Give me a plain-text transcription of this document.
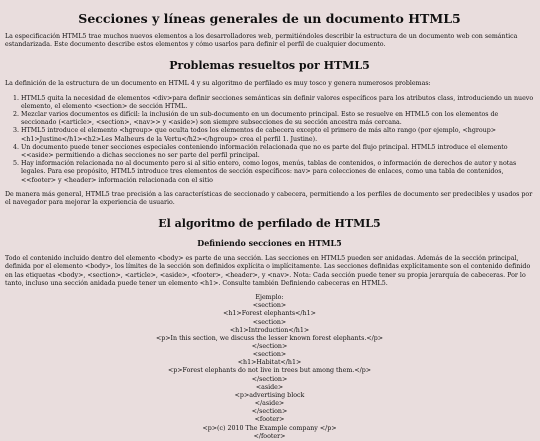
Secciones y líneas generales de un documento HTML5

La especificación HTML5 trae muchos nuevos elementos a los desarrolladores web, permitiéndoles describir la estructura de un documento web con semántica estandarizada. Este documento describe estos elementos y cómo usarlos para definir el perfil de cualquier documento.

Problemas resueltos por HTML5

La definición de la estructura de un documento en HTML 4 y su algoritmo de perfilado es muy tosco y genera numerosos problemas:

1. HTML5 quita la necesidad de elementos <div>para definir secciones semánticas sin definir valores específicos para los atributos class, introduciendo un nuevo elemento, el elemento <section> de sección HTML.
2. Mezclar varios documentos es difícil: la inclusión de un sub-documento en un documento principal. Esto se resuelve en HTML5 con los elementos de seccionado (<article>, <section>, <nav>> y <aside>) son siempre subsecciones de su sección ancestra más cercana.
3. HTML5 introduce el elemento <hgroup> que oculta todos los elementos de cabecera excepto el primero de más alto rango (por ejemplo, <hgroup> <h1>Justine</h1><h2>Les Malheurs de la Vertu</h2></hgroup> crea el perfil 1. Justine).
4. Un documento puede tener secciones especiales conteniendo información relacionada que no es parte del flujo principal. HTML5 introduce el elemento <<aside> permitiendo a dichas secciones no ser parte del perfil principal.
5. Hay información relacionada no al documento pero si al sitio entero, como logos, menús, tablas de contenidos, o información de derechos de autor y notas legales. Para ese propósito, HTML5 introduce tres elementos de sección específicos: nav> para colecciones de enlaces, como una tabla de contenidos, <<footer> y <header> información relacionada con el sitio

De manera más general, HTML5 trae precisión a las características de seccionado y cabecera, permitiendo a los perfiles de documento ser predecibles y usados por el navegador para mejorar la experiencia de usuario.

El algoritmo de perfilado de HTML5
Definiendo secciones en HTML5

Todo el contenido incluido dentro del elemento <body> es parte de una sección. Las secciones en HTML5 pueden ser anidadas. Además de la sección principal, definida por el elemento <body>, los límites de la sección son definidos explícita o implícitamente. Las secciones definidas explícitamente son el contenido definido en las etiquetas <body>, <section>, <article>, <aside>, <footer>, <header>, y <nav>. Nota: Cada sección puede tener su propia jerarquía de cabeceras. Por lo tanto, incluso una sección anidada puede tener un elemento <h1>. Consulte también Definiendo cabeceras en HTML5.

Ejemplo:
<section>
<h1>Forest elephants</h1>
<section>
<h1>Introduction</h1>
<p>In this section, we discuss the lesser known forest elephants.</p>
</section>
<section>
<h1>Habitat</h1>
<p>Forest elephants do not live in trees but among them.</p>
</section>
<aside>
<p>advertising block
</aside>
</section>
<footer>
<p>(c) 2010 The Example company </p>
</footer>
